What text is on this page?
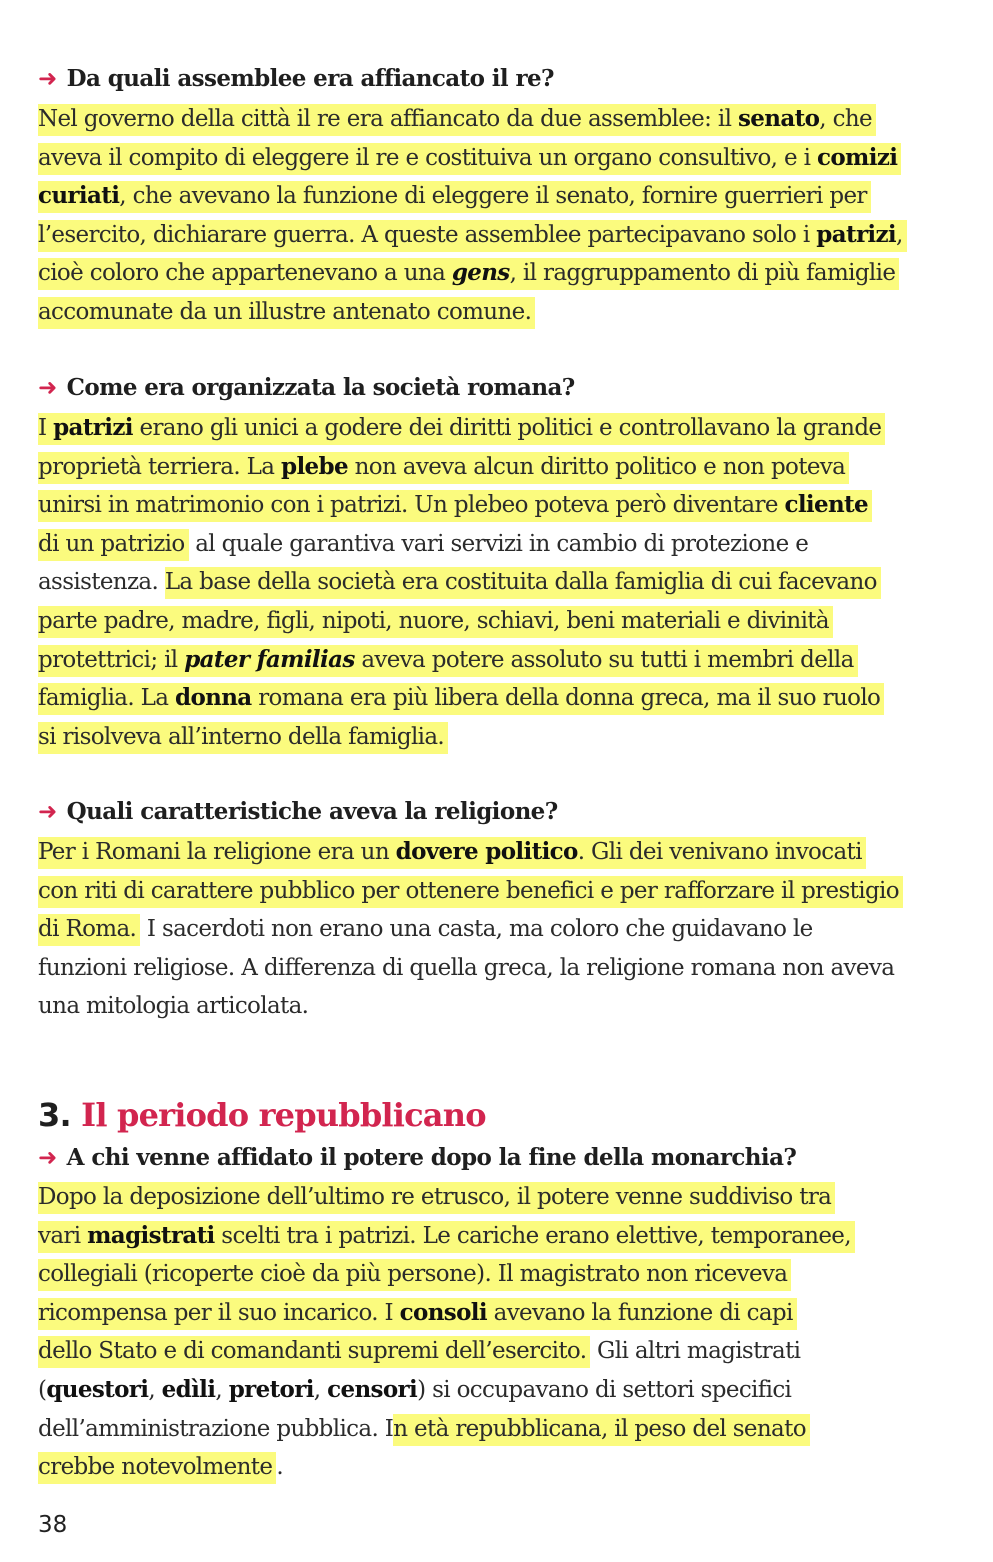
➜ Da quali assemblee era affiancato il re?
Nel governo della città il re era affiancato da due assemblee: il senato, che
aveva il compito di eleggere il re e costituiva un organo consultivo, e i comizi
curiati, che avevano la funzione di eleggere il senato, fornire guerrieri per
l’esercito, dichiarare guerra. A queste assemblee partecipavano solo i patrizi,
cioè coloro che appartenevano a una gens, il raggruppamento di più famiglie
accomunate da un illustre antenato comune.
➜ Come era organizzata la società romana?
I patrizi erano gli unici a godere dei diritti politici e controllavano la grande
proprietà terriera. La plebe non aveva alcun diritto politico e non poteva
unirsi in matrimonio con i patrizi. Un plebeo poteva però diventare cliente
di un patrizio al quale garantiva vari servizi in cambio di protezione e
assistenza. La base della società era costituita dalla famiglia di cui facevano
parte padre, madre, figli, nipoti, nuore, schiavi, beni materiali e divinità
protettrici; il pater familias aveva potere assoluto su tutti i membri della
famiglia. La donna romana era più libera della donna greca, ma il suo ruolo
si risolveva all’interno della famiglia.
➜ Quali caratteristiche aveva la religione?
Per i Romani la religione era un dovere politico. Gli dei venivano invocati
con riti di carattere pubblico per ottenere benefici e per rafforzare il prestigio
di Roma. I sacerdoti non erano una casta, ma coloro che guidavano le
funzioni religiose. A differenza di quella greca, la religione romana non aveva
una mitologia articolata.
3. Il periodo repubblicano
➜ A chi venne affidato il potere dopo la fine della monarchia?
Dopo la deposizione dell’ultimo re etrusco, il potere venne suddiviso tra
vari magistrati scelti tra i patrizi. Le cariche erano elettive, temporanee,
collegiali (ricoperte cioè da più persone). Il magistrato non riceveva
ricompensa per il suo incarico. I consoli avevano la funzione di capi
dello Stato e di comandanti supremi dell’esercito. Gli altri magistrati
(questori, edìli, pretori, censori) si occupavano di settori specifici
dell’amministrazione pubblica. In età repubblicana, il peso del senato
crebbe notevolmente .
38
